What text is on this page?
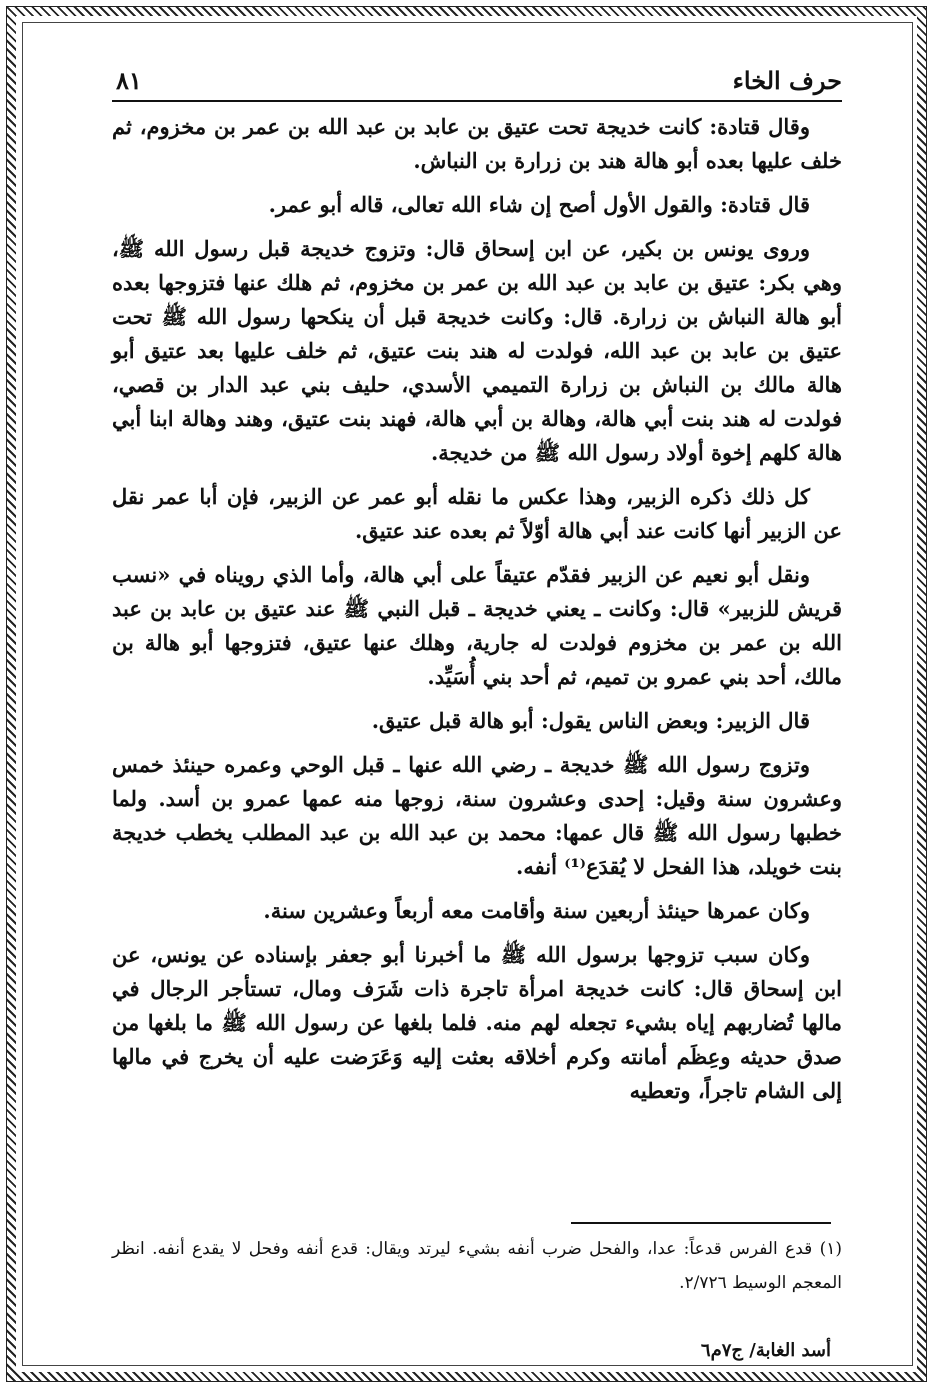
حرف الخاء
٨١

وقال قتادة: كانت خديجة تحت عتيق بن عابد بن عبد الله بن عمر بن مخزوم، ثم خلف عليها بعده أبو هالة هند بن زرارة بن النباش.

قال قتادة: والقول الأول أصح إن شاء الله تعالى، قاله أبو عمر.

وروى يونس بن بكير، عن ابن إسحاق قال: وتزوج خديجة قبل رسول الله ﷺ، وهي بكر: عتيق بن عابد بن عبد الله بن عمر بن مخزوم، ثم هلك عنها فتزوجها بعده أبو هالة النباش بن زرارة. قال: وكانت خديجة قبل أن ينكحها رسول الله ﷺ تحت عتيق بن عابد بن عبد الله، فولدت له هند بنت عتيق، ثم خلف عليها بعد عتيق أبو هالة مالك بن النباش بن زرارة التميمي الأسدي، حليف بني عبد الدار بن قصي، فولدت له هند بنت أبي هالة، وهالة بن أبي هالة، فهند بنت عتيق، وهند وهالة ابنا أبي هالة كلهم إخوة أولاد رسول الله ﷺ من خديجة.

كل ذلك ذكره الزبير، وهذا عكس ما نقله أبو عمر عن الزبير، فإن أبا عمر نقل عن الزبير أنها كانت عند أبي هالة أوّلاً ثم بعده عند عتيق.

ونقل أبو نعيم عن الزبير فقدّم عتيقاً على أبي هالة، وأما الذي رويناه في «نسب قريش للزبير» قال: وكانت ـ يعني خديجة ـ قبل النبي ﷺ عند عتيق بن عابد بن عبد الله بن عمر بن مخزوم فولدت له جارية، وهلك عنها عتيق، فتزوجها أبو هالة بن مالك، أحد بني عمرو بن تميم، ثم أحد بني أُسَيِّد.

قال الزبير: وبعض الناس يقول: أبو هالة قبل عتيق.

وتزوج رسول الله ﷺ خديجة ـ رضي الله عنها ـ قبل الوحي وعمره حينئذ خمس وعشرون سنة وقيل: إحدى وعشرون سنة، زوجها منه عمها عمرو بن أسد. ولما خطبها رسول الله ﷺ قال عمها: محمد بن عبد الله بن عبد المطلب يخطب خديجة بنت خويلد، هذا الفحل لا يُقدَع⁽¹⁾ أنفه.

وكان عمرها حينئذ أربعين سنة وأقامت معه أربعاً وعشرين سنة.

وكان سبب تزوجها برسول الله ﷺ ما أخبرنا أبو جعفر بإسناده عن يونس، عن ابن إسحاق قال: كانت خديجة امرأة تاجرة ذات شَرَف ومال، تستأجر الرجال في مالها تُضاربهم إياه بشيء تجعله لهم منه. فلما بلغها عن رسول الله ﷺ ما بلغها من صدق حديثه وعِظَم أمانته وكرم أخلاقه بعثت إليه وَعَرَضت عليه أن يخرج في مالها إلى الشام تاجراً، وتعطيه

(١) قدع الفرس قدعاً: عدا، والفحل ضرب أنفه بشيء ليرتد ويقال: قدع أنفه وفحل لا يقدع أنفه. انظر المعجم الوسيط ٢/٧٢٦.

أسد الغابة/ ج٧م٦
